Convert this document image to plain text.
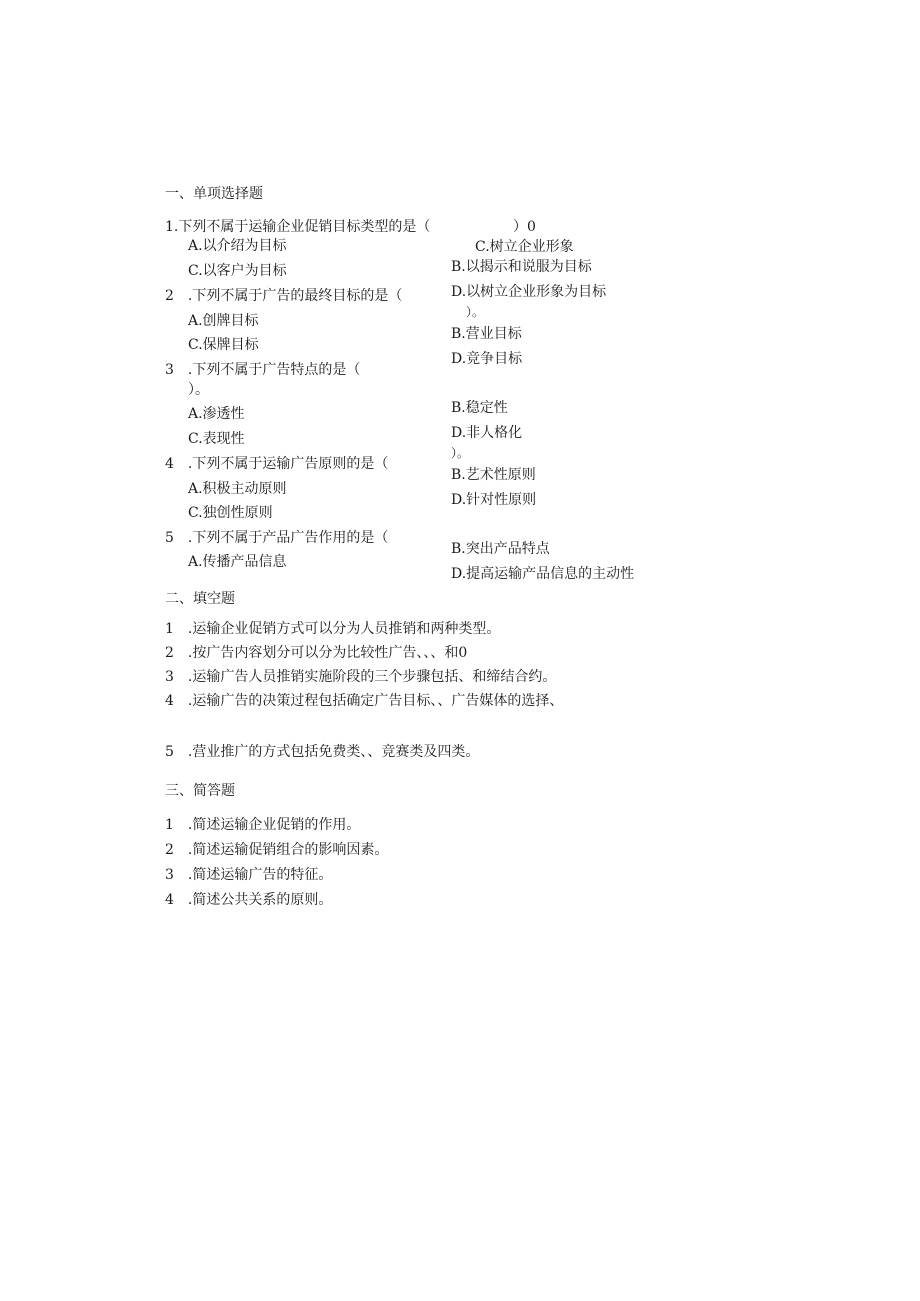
一、单项选择题
1.下列不属于运输企业促销目标类型的是（	）0
A.以介绍为目标	C.树立企业形象
C.以客户为目标	B.以揭示和说服为目标
2　.下列不属于广告的最终目标的是（	D.以树立企业形象为目标
）。
A.创牌目标
B.营业目标
C.保牌目标
D.竞争目标
3　.下列不属于广告特点的是（
）。
B.稳定性
A.渗透性
D.非人格化
C.表现性
）。
4　.下列不属于运输广告原则的是（
B.艺术性原则
A.积极主动原则
D.针对性原则
C.独创性原则
5　.下列不属于产品广告作用的是（
B.突出产品特点
A.传播产品信息
D.提高运输产品信息的主动性
二、填空题
1　.运输企业促销方式可以分为人员推销和两种类型。
2　.按广告内容划分可以分为比较性广告、、、和0
3　.运输广告人员推销实施阶段的三个步骤包括、和缔结合约。
4　.运输广告的决策过程包括确定广告目标、、广告媒体的选择、
5　.营业推广的方式包括免费类、、竞赛类及四类。
三、简答题
1　.简述运输企业促销的作用。
2　.简述运输促销组合的影响因素。
3　.简述运输广告的特征。
4　.简述公共关系的原则。
